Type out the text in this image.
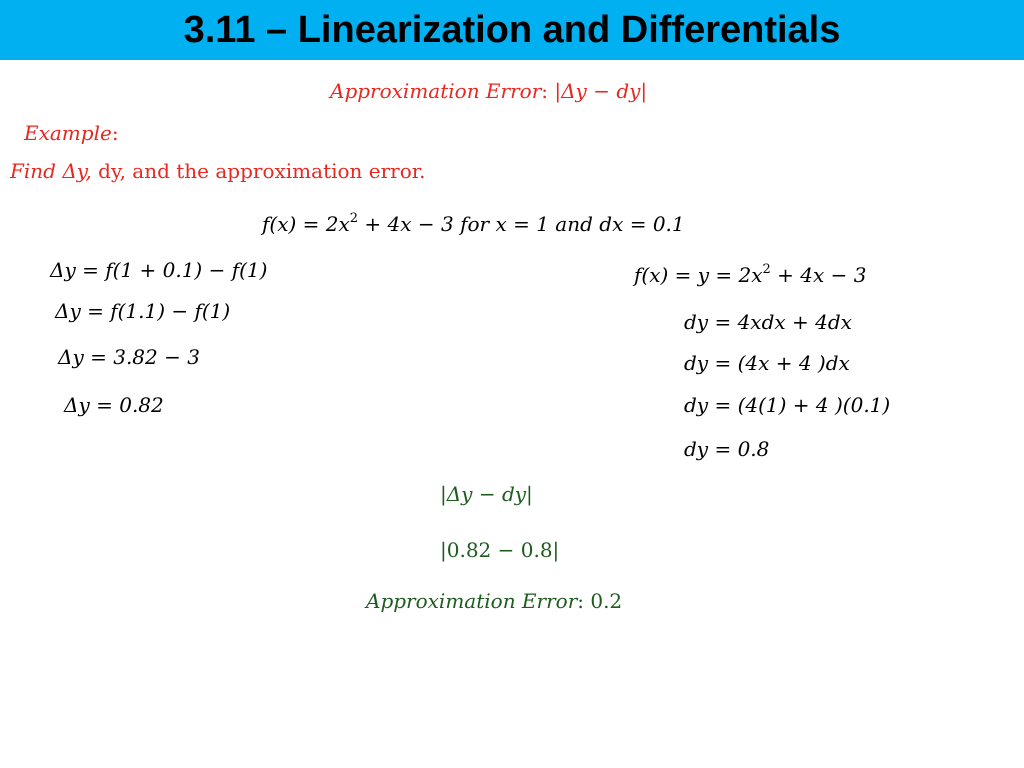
3.11 – Linearization and Differentials
Approximation Error: |Δy − dy|
Example:
Find Δy, dy, and the approximation error.
$f(x) = 2x^2 + 4x - 3$ for x = 1 and dx = 0.1
Δy = f(1 + 0.1) − f(1)
Δy = f(1.1) − f(1)
Δy = 3.82 − 3
Δy = 0.82
$f(x) = y = 2x^2 + 4x - 3$
dy = 4xdx + 4dx
dy = (4x + 4 )dx
dy = (4(1) + 4 )(0.1)
dy = 0.8
|Δy − dy|
|0.82 − 0.8|
Approximation Error: 0.2
